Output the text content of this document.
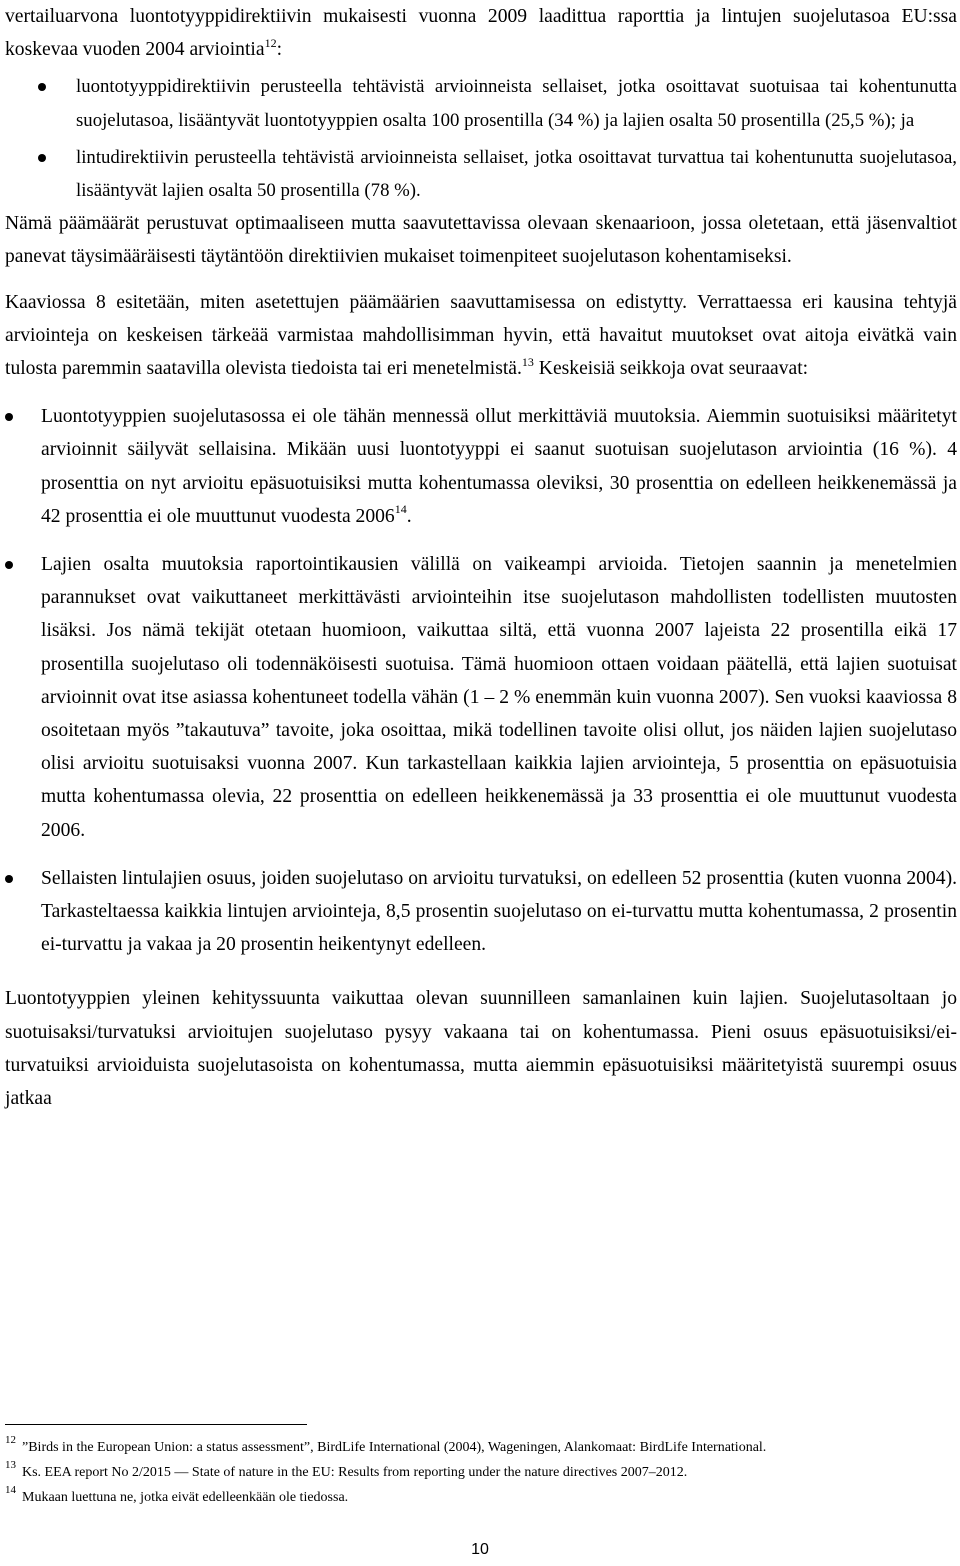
vertailuarvona luontotyyppidirektiivin mukaisesti vuonna 2009 laadittua raporttia ja lintujen suojelutasoa EU:ssa koskevaa vuoden 2004 arviointia$^{12}$:

luontotyyppidirektiivin perusteella tehtävistä arvioinneista sellaiset, jotka osoittavat suotuisaa tai kohentunutta suojelutasoa, lisääntyvät luontotyyppien osalta 100 prosentilla (34 %) ja lajien osalta 50 prosentilla (25,5 %); ja
lintudirektiivin perusteella tehtävistä arvioinneista sellaiset, jotka osoittavat turvattua tai kohentunutta suojelutasoa, lisääntyvät lajien osalta 50 prosentilla (78 %).

Nämä päämäärät perustuvat optimaaliseen mutta saavutettavissa olevaan skenaarioon, jossa oletetaan, että jäsenvaltiot panevat täysimääräisesti täytäntöön direktiivien mukaiset toimenpiteet suojelutason kohentamiseksi.

Kaaviossa 8 esitetään, miten asetettujen päämäärien saavuttamisessa on edistytty. Verrattaessa eri kausina tehtyjä arviointeja on keskeisen tärkeää varmistaa mahdollisimman hyvin, että havaitut muutokset ovat aitoja eivätkä vain tulosta paremmin saatavilla olevista tiedoista tai eri menetelmistä.$^{13}$ Keskeisiä seikkoja ovat seuraavat:

Luontotyyppien suojelutasossa ei ole tähän mennessä ollut merkittäviä muutoksia. Aiemmin suotuisiksi määritetyt arvioinnit säilyvät sellaisina. Mikään uusi luontotyyppi ei saanut suotuisan suojelutason arviointia (16 %). 4 prosenttia on nyt arvioitu epäsuotuisiksi mutta kohentumassa oleviksi, 30 prosenttia on edelleen heikkenemässä ja 42 prosenttia ei ole muuttunut vuodesta 2006$^{14}$.
Lajien osalta muutoksia raportointikausien välillä on vaikeampi arvioida. Tietojen saannin ja menetelmien parannukset ovat vaikuttaneet merkittävästi arviointeihin itse suojelutason mahdollisten todellisten muutosten lisäksi. Jos nämä tekijät otetaan huomioon, vaikuttaa siltä, että vuonna 2007 lajeista 22 prosentilla eikä 17 prosentilla suojelutaso oli todennäköisesti suotuisa. Tämä huomioon ottaen voidaan päätellä, että lajien suotuisat arvioinnit ovat itse asiassa kohentuneet todella vähän (1 – 2 % enemmän kuin vuonna 2007). Sen vuoksi kaaviossa 8 osoitetaan myös ”takautuva” tavoite, joka osoittaa, mikä todellinen tavoite olisi ollut, jos näiden lajien suojelutaso olisi arvioitu suotuisaksi vuonna 2007. Kun tarkastellaan kaikkia lajien arviointeja, 5 prosenttia on epäsuotuisia mutta kohentumassa olevia, 22 prosenttia on edelleen heikkenemässä ja 33 prosenttia ei ole muuttunut vuodesta 2006.
Sellaisten lintulajien osuus, joiden suojelutaso on arvioitu turvatuksi, on edelleen 52 prosenttia (kuten vuonna 2004). Tarkasteltaessa kaikkia lintujen arviointeja, 8,5 prosentin suojelutaso on ei-turvattu mutta kohentumassa, 2 prosentin ei-turvattu ja vakaa ja 20 prosentin heikentynyt edelleen.

Luontotyyppien yleinen kehityssuunta vaikuttaa olevan suunnilleen samanlainen kuin lajien. Suojelutasoltaan jo suotuisaksi/turvatuksi arvioitujen suojelutaso pysyy vakaana tai on kohentumassa. Pieni osuus epäsuotuisiksi/ei-turvatuiksi arvioiduista suojelutasoista on kohentumassa, mutta aiemmin epäsuotuisiksi määritetyistä suurempi osuus jatkaa

$^{12}$ ”Birds in the European Union: a status assessment”, BirdLife International (2004), Wageningen, Alankomaat: BirdLife International.
$^{13}$ Ks. EEA report No 2/2015 — State of nature in the EU: Results from reporting under the nature directives 2007–2012.
$^{14}$ Mukaan luettuna ne, jotka eivät edelleenkään ole tiedossa.
10
